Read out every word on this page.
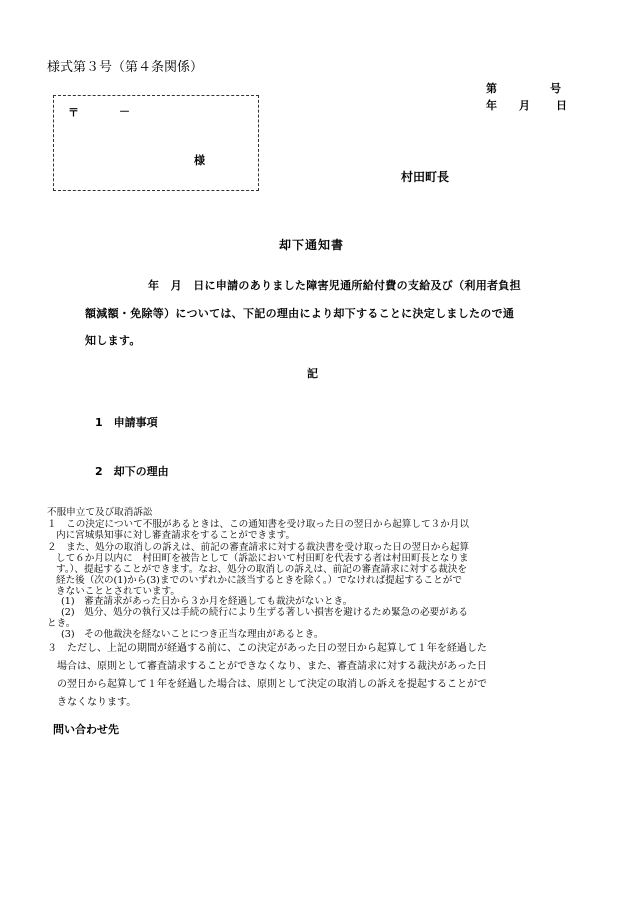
様式第３号（第４条関係）
第	号
年 月 日
〒	－
様
村田町長
却下通知書
年　月　日に申請のありました障害児通所給付費の支給及び（利用者負担
額減額・免除等）については、下記の理由により却下することに決定しましたので通
知します。
記
1　申請事項
2　却下の理由
不服申立て及び取消訴訟
１　この決定について不服があるときは、この通知書を受け取った日の翌日から起算して３か月以
内に宮城県知事に対し審査請求をすることができます。
２　また、処分の取消しの訴えは、前記の審査請求に対する裁決書を受け取った日の翌日から起算
して６か月以内に　村田町を被告として（訴訟において村田町を代表する者は村田町長となりま
す。）、提起することができます。なお、処分の取消しの訴えは、前記の審査請求に対する裁決を
経た後（次の(1)から(3)までのいずれかに該当するときを除く。）でなければ提起することがで
きないこととされています。
(1)　審査請求があった日から３か月を経過しても裁決がないとき。
(2)　処分、処分の執行又は手続の続行により生ずる著しい損害を避けるため緊急の必要がある
とき。
(3)　その他裁決を経ないことにつき正当な理由があるとき。
３　ただし、上記の期間が経過する前に、この決定があった日の翌日から起算して１年を経過した
場合は、原則として審査請求することができなくなり、また、審査請求に対する裁決があった日
の翌日から起算して１年を経過した場合は、原則として決定の取消しの訴えを提起することがで
きなくなります。
問い合わせ先
